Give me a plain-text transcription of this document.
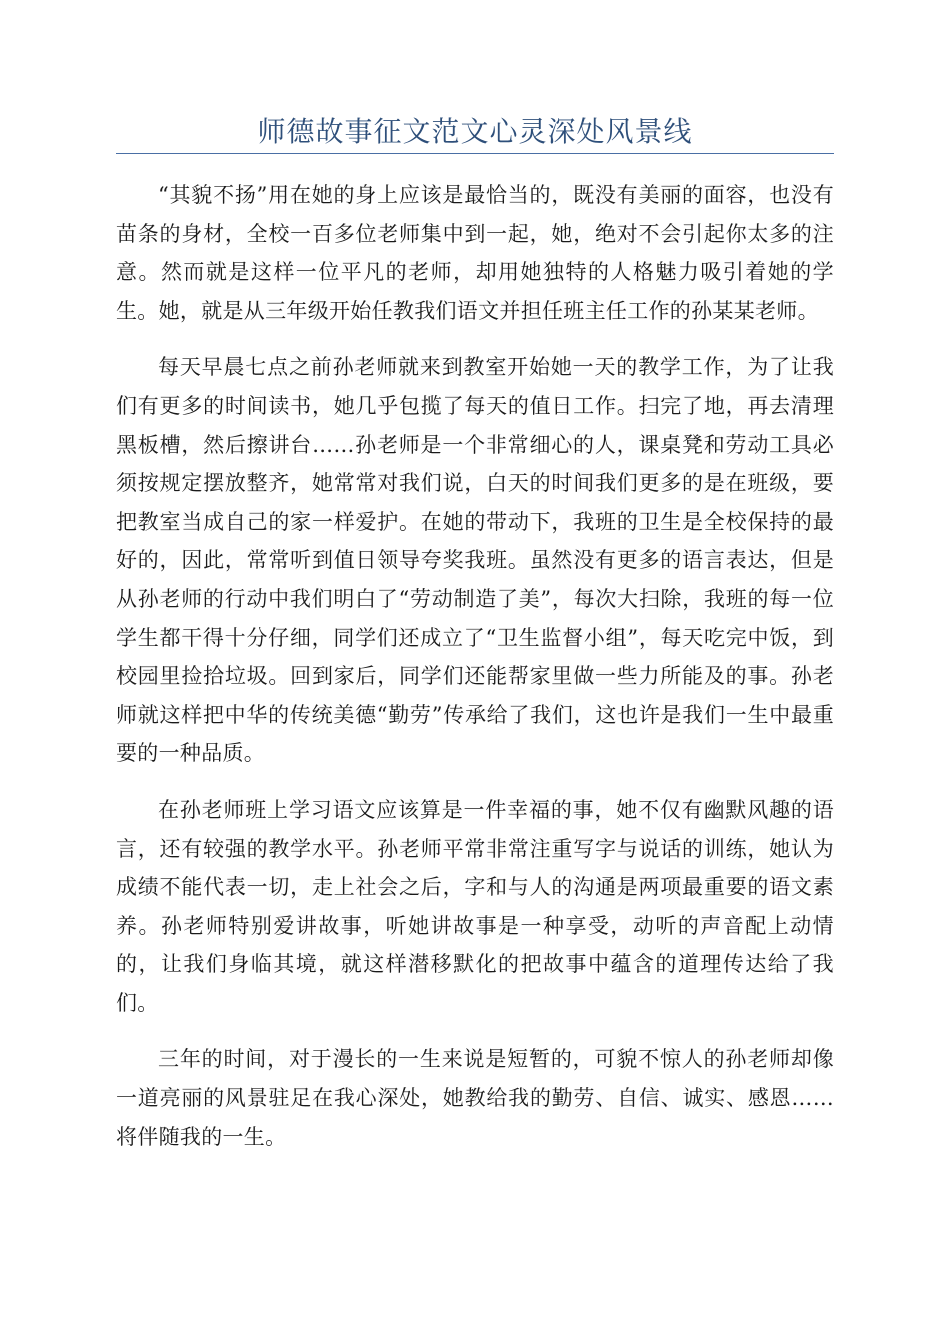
师德故事征文范文心灵深处风景线

“其貌不扬”用在她的身上应该是最恰当的，既没有美丽的面容，也没有苗条的身材，全校一百多位老师集中到一起，她，绝对不会引起你太多的注意。然而就是这样一位平凡的老师，却用她独特的人格魅力吸引着她的学生。她，就是从三年级开始任教我们语文并担任班主任工作的孙某某老师。

每天早晨七点之前孙老师就来到教室开始她一天的教学工作，为了让我们有更多的时间读书，她几乎包揽了每天的值日工作。扫完了地，再去清理黑板槽，然后擦讲台……孙老师是一个非常细心的人，课桌凳和劳动工具必须按规定摆放整齐，她常常对我们说，白天的时间我们更多的是在班级，要把教室当成自己的家一样爱护。在她的带动下，我班的卫生是全校保持的最好的，因此，常常听到值日领导夸奖我班。虽然没有更多的语言表达，但是从孙老师的行动中我们明白了“劳动制造了美”，每次大扫除，我班的每一位学生都干得十分仔细，同学们还成立了“卫生监督小组”，每天吃完中饭，到校园里捡拾垃圾。回到家后，同学们还能帮家里做一些力所能及的事。孙老师就这样把中华的传统美德“勤劳”传承给了我们，这也许是我们一生中最重要的一种品质。

在孙老师班上学习语文应该算是一件幸福的事，她不仅有幽默风趣的语言，还有较强的教学水平。孙老师平常非常注重写字与说话的训练，她认为成绩不能代表一切，走上社会之后，字和与人的沟通是两项最重要的语文素养。孙老师特别爱讲故事，听她讲故事是一种享受，动听的声音配上动情的，让我们身临其境，就这样潜移默化的把故事中蕴含的道理传达给了我们。

三年的时间，对于漫长的一生来说是短暂的，可貌不惊人的孙老师却像一道亮丽的风景驻足在我心深处，她教给我的勤劳、自信、诚实、感恩……将伴随我的一生。
